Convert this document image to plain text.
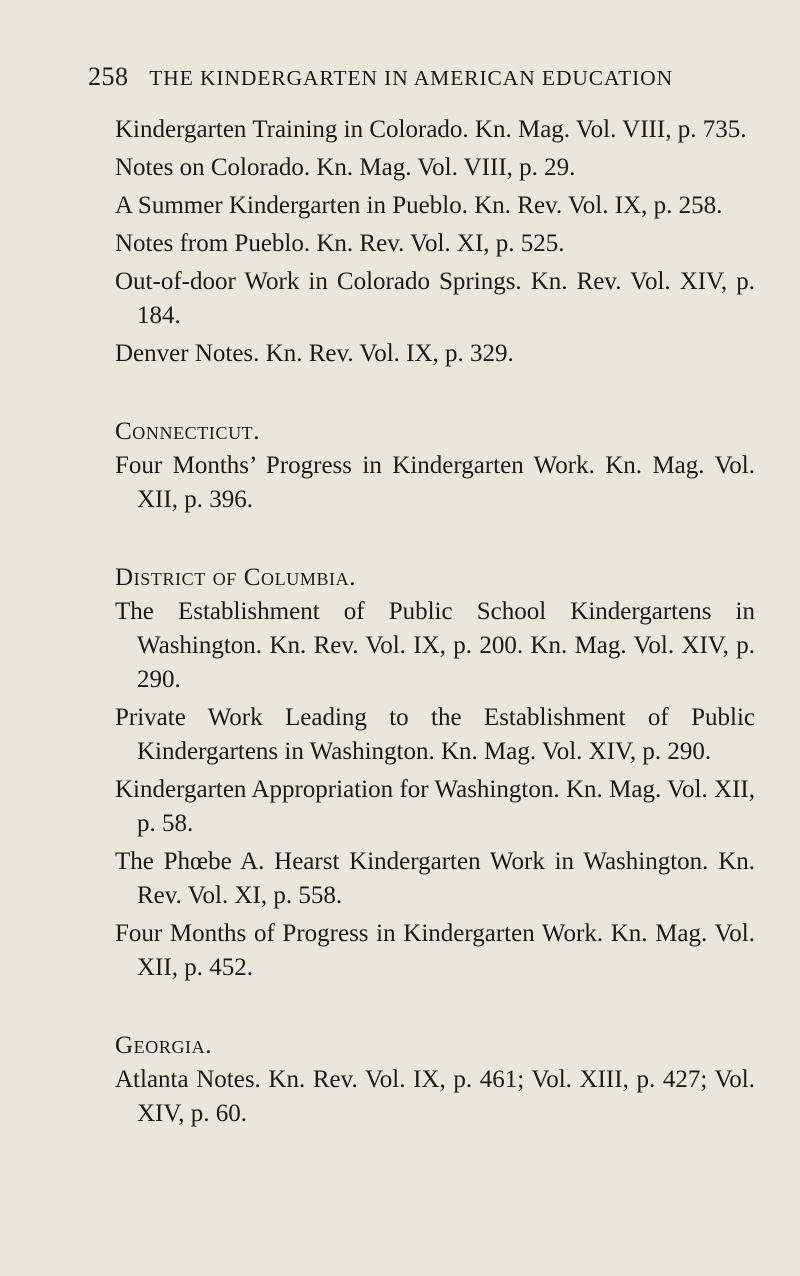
258 THE KINDERGARTEN IN AMERICAN EDUCATION

Kindergarten Training in Colorado. Kn. Mag. Vol. VIII, p. 735.

Notes on Colorado. Kn. Mag. Vol. VIII, p. 29.

A Summer Kindergarten in Pueblo. Kn. Rev. Vol. IX, p. 258.

Notes from Pueblo. Kn. Rev. Vol. XI, p. 525.

Out-of-door Work in Colorado Springs. Kn. Rev. Vol. XIV, p. 184.

Denver Notes. Kn. Rev. Vol. IX, p. 329.

Connecticut.

Four Months’ Progress in Kindergarten Work. Kn. Mag. Vol. XII, p. 396.

District of Columbia.

The Establishment of Public School Kindergartens in Washington. Kn. Rev. Vol. IX, p. 200. Kn. Mag. Vol. XIV, p. 290.

Private Work Leading to the Establishment of Public Kindergartens in Washington. Kn. Mag. Vol. XIV, p. 290.

Kindergarten Appropriation for Washington. Kn. Mag. Vol. XII, p. 58.

The Phœbe A. Hearst Kindergarten Work in Washington. Kn. Rev. Vol. XI, p. 558.

Four Months of Progress in Kindergarten Work. Kn. Mag. Vol. XII, p. 452.

Georgia.

Atlanta Notes. Kn. Rev. Vol. IX, p. 461; Vol. XIII, p. 427; Vol. XIV, p. 60.
